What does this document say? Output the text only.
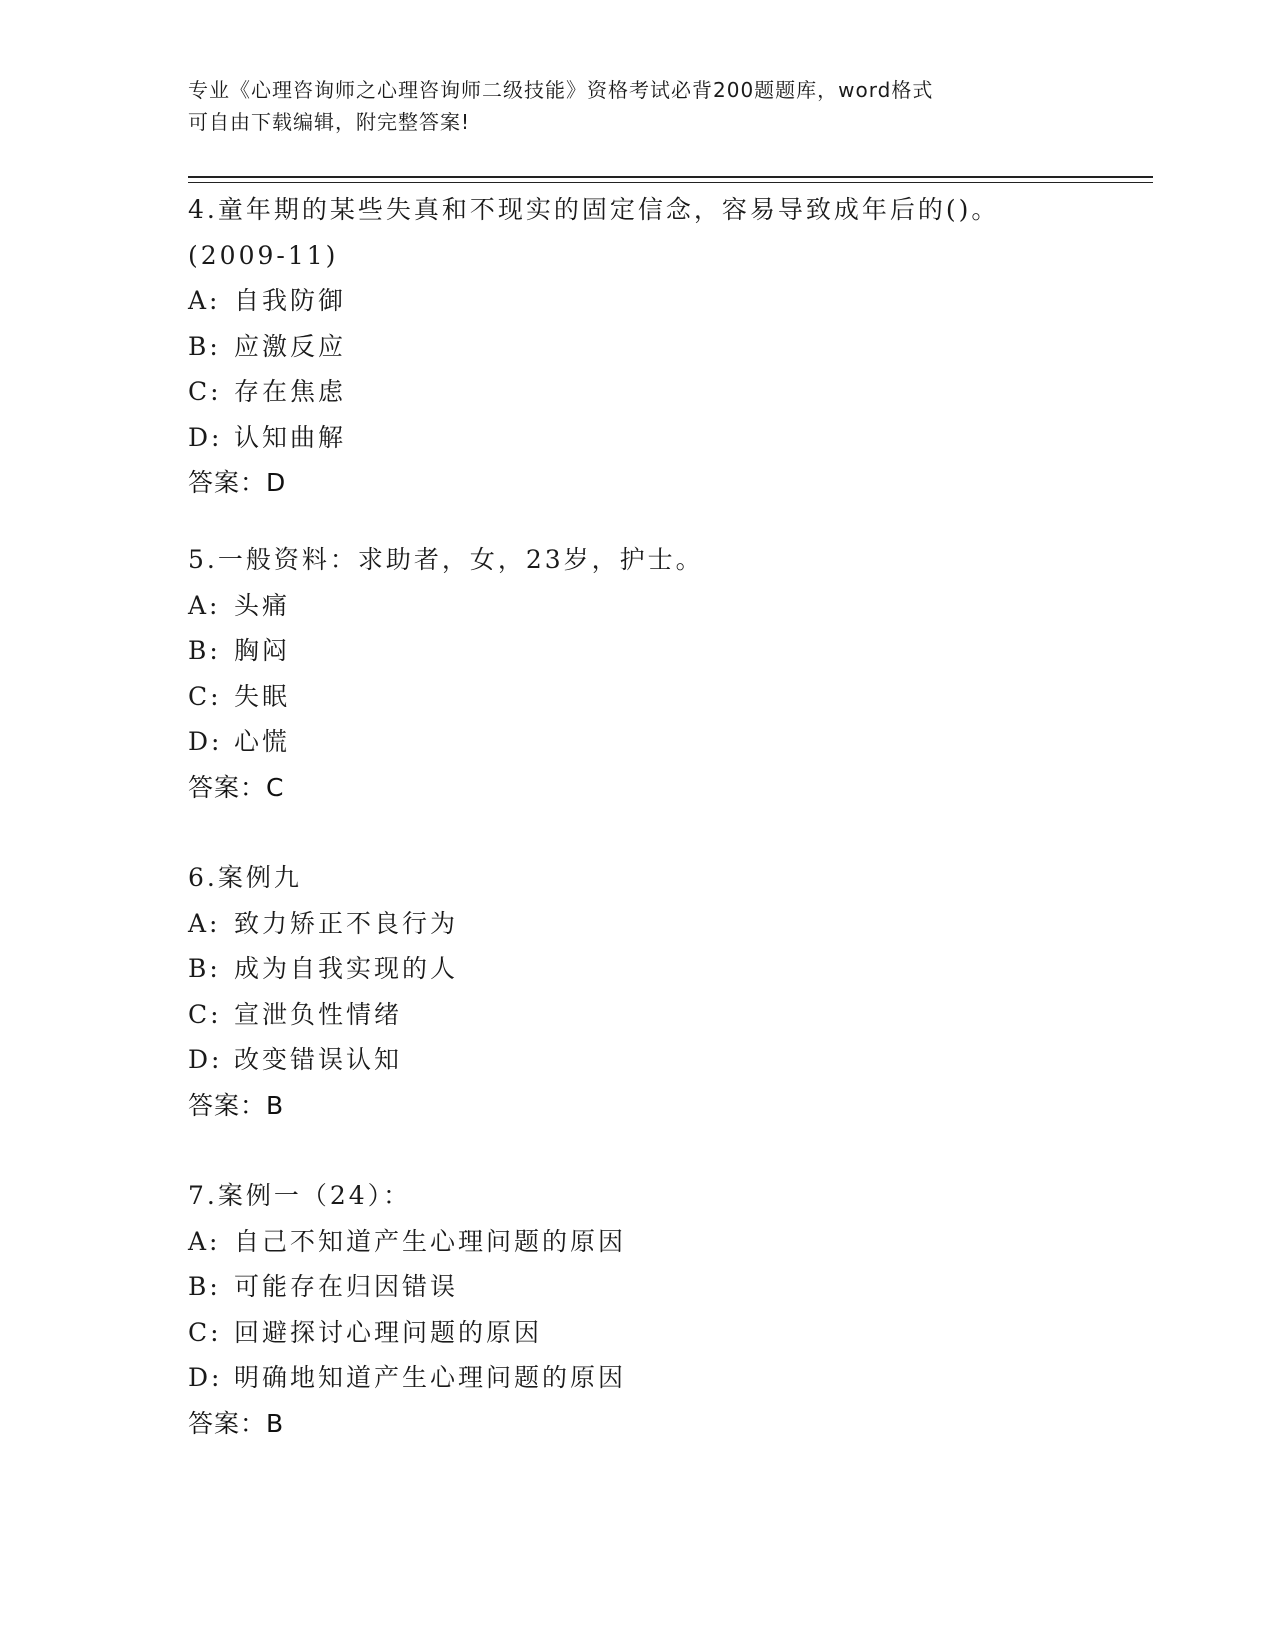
专业《心理咨询师之心理咨询师二级技能》资格考试必背200题题库，word格式
可自由下载编辑，附完整答案!
4.童年期的某些失真和不现实的固定信念，容易导致成年后的()。
(2009-11)
A: 自我防御
B: 应激反应
C: 存在焦虑
D: 认知曲解
答案：D
5.一般资料：求助者，女，23岁，护士。
A: 头痛
B: 胸闷
C: 失眠
D: 心慌
答案：C
6.案例九
A: 致力矫正不良行为
B: 成为自我实现的人
C: 宣泄负性情绪
D: 改变错误认知
答案：B
7.案例一（24）：
A: 自己不知道产生心理问题的原因
B: 可能存在归因错误
C: 回避探讨心理问题的原因
D: 明确地知道产生心理问题的原因
答案：B
